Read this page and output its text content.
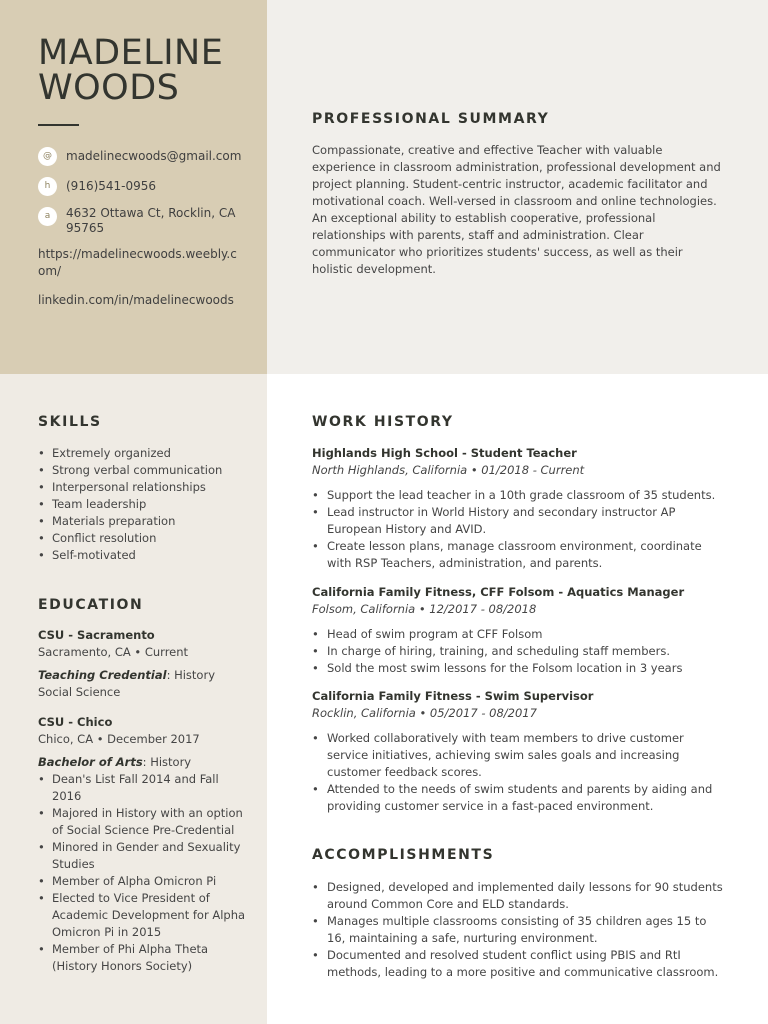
MADELINE
WOODS
@	madelinecwoods@gmail.com
h	(916)541-0956
a	4632 Ottawa Ct, Rocklin, CA 95765
https://madelinecwoods.weebly.com/
linkedin.com/in/madelinecwoods
PROFESSIONAL SUMMARY
Compassionate, creative and effective Teacher with valuable experience in classroom administration, professional development and project planning. Student-centric instructor, academic facilitator and motivational coach. Well-versed in classroom and online technologies. An exceptional ability to establish cooperative, professional relationships with parents, staff and administration. Clear communicator who prioritizes students' success, as well as their holistic development.
SKILLS
• Extremely organized
• Strong verbal communication
• Interpersonal relationships
• Team leadership
• Materials preparation
• Conflict resolution
• Self-motivated
EDUCATION
CSU - Sacramento
Sacramento, CA • Current
Teaching Credential: History Social Science
CSU - Chico
Chico, CA • December 2017
Bachelor of Arts: History
• Dean's List Fall 2014 and Fall 2016
• Majored in History with an option of Social Science Pre-Credential
• Minored in Gender and Sexuality Studies
• Member of Alpha Omicron Pi
• Elected to Vice President of Academic Development for Alpha Omicron Pi in 2015
• Member of Phi Alpha Theta (History Honors Society)
WORK HISTORY
Highlands High School - Student Teacher
North Highlands, California • 01/2018 - Current
• Support the lead teacher in a 10th grade classroom of 35 students.
• Lead instructor in World History and secondary instructor AP European History and AVID.
• Create lesson plans, manage classroom environment, coordinate with RSP Teachers, administration, and parents.
California Family Fitness, CFF Folsom - Aquatics Manager
Folsom, California • 12/2017 - 08/2018
• Head of swim program at CFF Folsom
• In charge of hiring, training, and scheduling staff members.
• Sold the most swim lessons for the Folsom location in 3 years
California Family Fitness - Swim Supervisor
Rocklin, California • 05/2017 - 08/2017
• Worked collaboratively with team members to drive customer service initiatives, achieving swim sales goals and increasing customer feedback scores.
• Attended to the needs of swim students and parents by aiding and providing customer service in a fast-paced environment.
ACCOMPLISHMENTS
• Designed, developed and implemented daily lessons for 90 students around Common Core and ELD standards.
• Manages multiple classrooms consisting of 35 children ages 15 to 16, maintaining a safe, nurturing environment.
• Documented and resolved student conflict using PBIS and RtI methods, leading to a more positive and communicative classroom.
